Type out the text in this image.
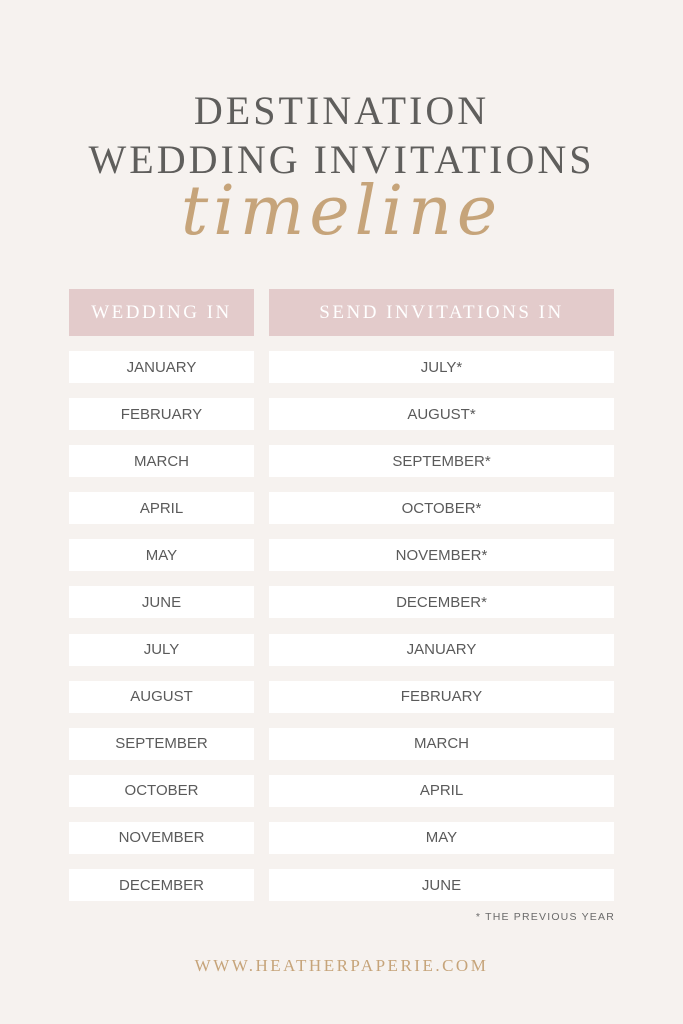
DESTINATION
WEDDING INVITATIONS
timeline
WEDDING IN	SEND INVITATIONS IN
JANUARY	JULY*
FEBRUARY	AUGUST*
MARCH	SEPTEMBER*
APRIL	OCTOBER*
MAY	NOVEMBER*
JUNE	DECEMBER*
JULY	JANUARY
AUGUST	FEBRUARY
SEPTEMBER	MARCH
OCTOBER	APRIL
NOVEMBER	MAY
DECEMBER	JUNE
* THE PREVIOUS YEAR
WWW.HEATHERPAPERIE.COM
